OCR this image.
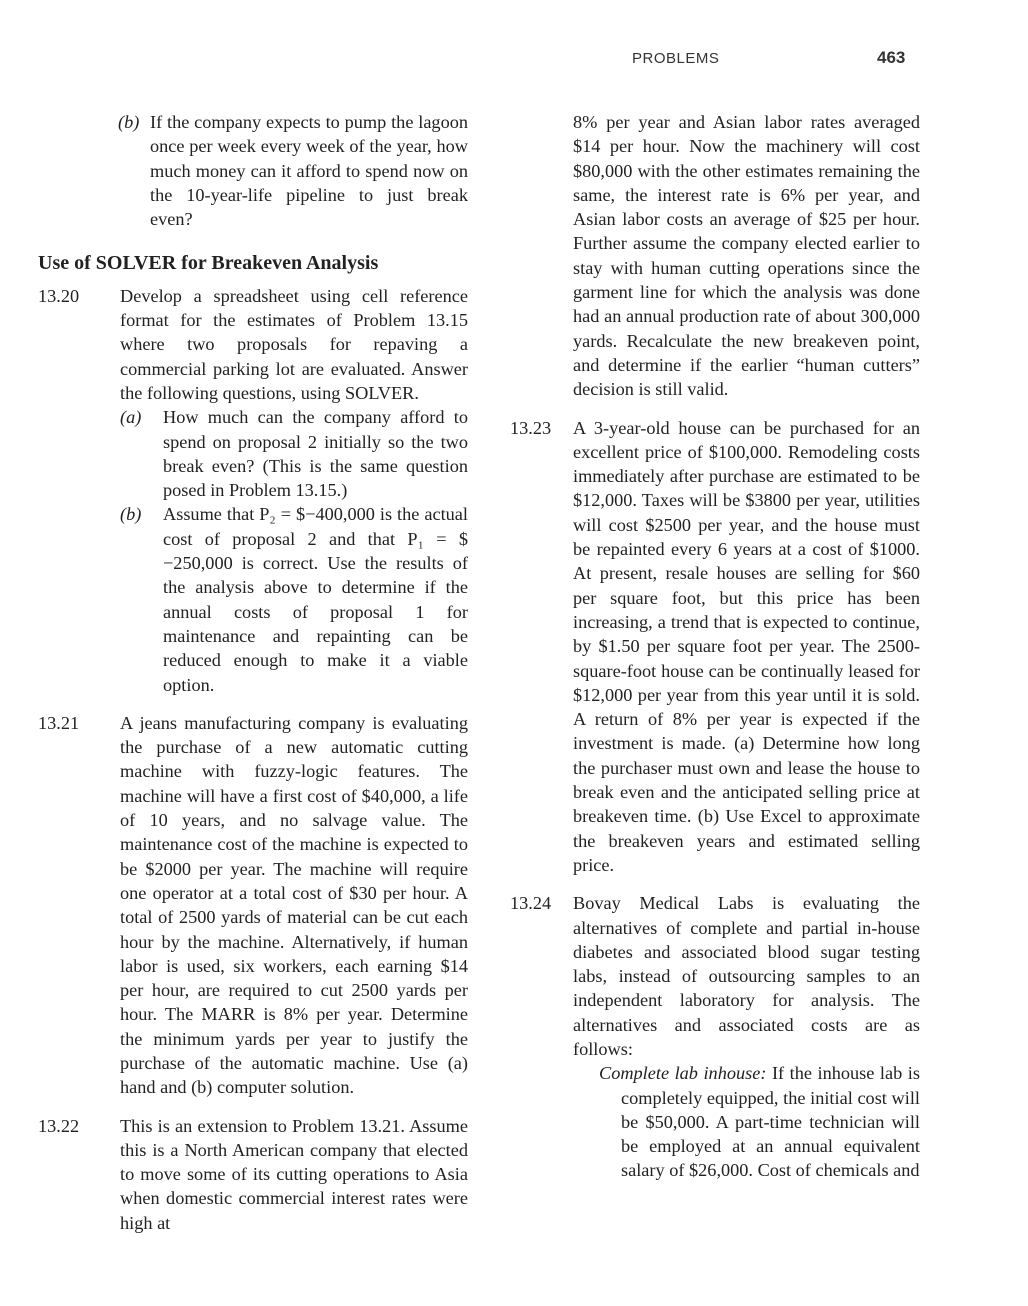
PROBLEMS	463
(b) If the company expects to pump the lagoon once per week every week of the year, how much money can it afford to spend now on the 10-year-life pipeline to just break even?
Use of SOLVER for Breakeven Analysis
13.20 Develop a spreadsheet using cell reference format for the estimates of Problem 13.15 where two proposals for repaving a commercial parking lot are evaluated. Answer the following questions, using SOLVER.
(a) How much can the company afford to spend on proposal 2 initially so the two break even? (This is the same question posed in Problem 13.15.)
(b) Assume that P₂ = $−400,000 is the actual cost of proposal 2 and that P₁ = $−250,000 is correct. Use the results of the analysis above to determine if the annual costs of proposal 1 for maintenance and repainting can be reduced enough to make it a viable option.
13.21 A jeans manufacturing company is evaluating the purchase of a new automatic cutting machine with fuzzy-logic features. The machine will have a first cost of $40,000, a life of 10 years, and no salvage value. The maintenance cost of the machine is expected to be $2000 per year. The machine will require one operator at a total cost of $30 per hour. A total of 2500 yards of material can be cut each hour by the machine. Alternatively, if human labor is used, six workers, each earning $14 per hour, are required to cut 2500 yards per hour. The MARR is 8% per year. Determine the minimum yards per year to justify the purchase of the automatic machine. Use (a) hand and (b) computer solution.
13.22 This is an extension to Problem 13.21. Assume this is a North American company that elected to move some of its cutting operations to Asia when domestic commercial interest rates were high at
8% per year and Asian labor rates averaged $14 per hour. Now the machinery will cost $80,000 with the other estimates remaining the same, the interest rate is 6% per year, and Asian labor costs an average of $25 per hour. Further assume the company elected earlier to stay with human cutting operations since the garment line for which the analysis was done had an annual production rate of about 300,000 yards. Recalculate the new breakeven point, and determine if the earlier “human cutters” decision is still valid.
13.23 A 3-year-old house can be purchased for an excellent price of $100,000. Remodeling costs immediately after purchase are estimated to be $12,000. Taxes will be $3800 per year, utilities will cost $2500 per year, and the house must be repainted every 6 years at a cost of $1000. At present, resale houses are selling for $60 per square foot, but this price has been increasing, a trend that is expected to continue, by $1.50 per square foot per year. The 2500-square-foot house can be continually leased for $12,000 per year from this year until it is sold. A return of 8% per year is expected if the investment is made. (a) Determine how long the purchaser must own and lease the house to break even and the anticipated selling price at breakeven time. (b) Use Excel to approximate the breakeven years and estimated selling price.
13.24 Bovay Medical Labs is evaluating the alternatives of complete and partial in-house diabetes and associated blood sugar testing labs, instead of outsourcing samples to an independent laboratory for analysis. The alternatives and associated costs are as follows:
Complete lab inhouse: If the inhouse lab is completely equipped, the initial cost will be $50,000. A part-time technician will be employed at an annual equivalent salary of $26,000. Cost of chemicals and
